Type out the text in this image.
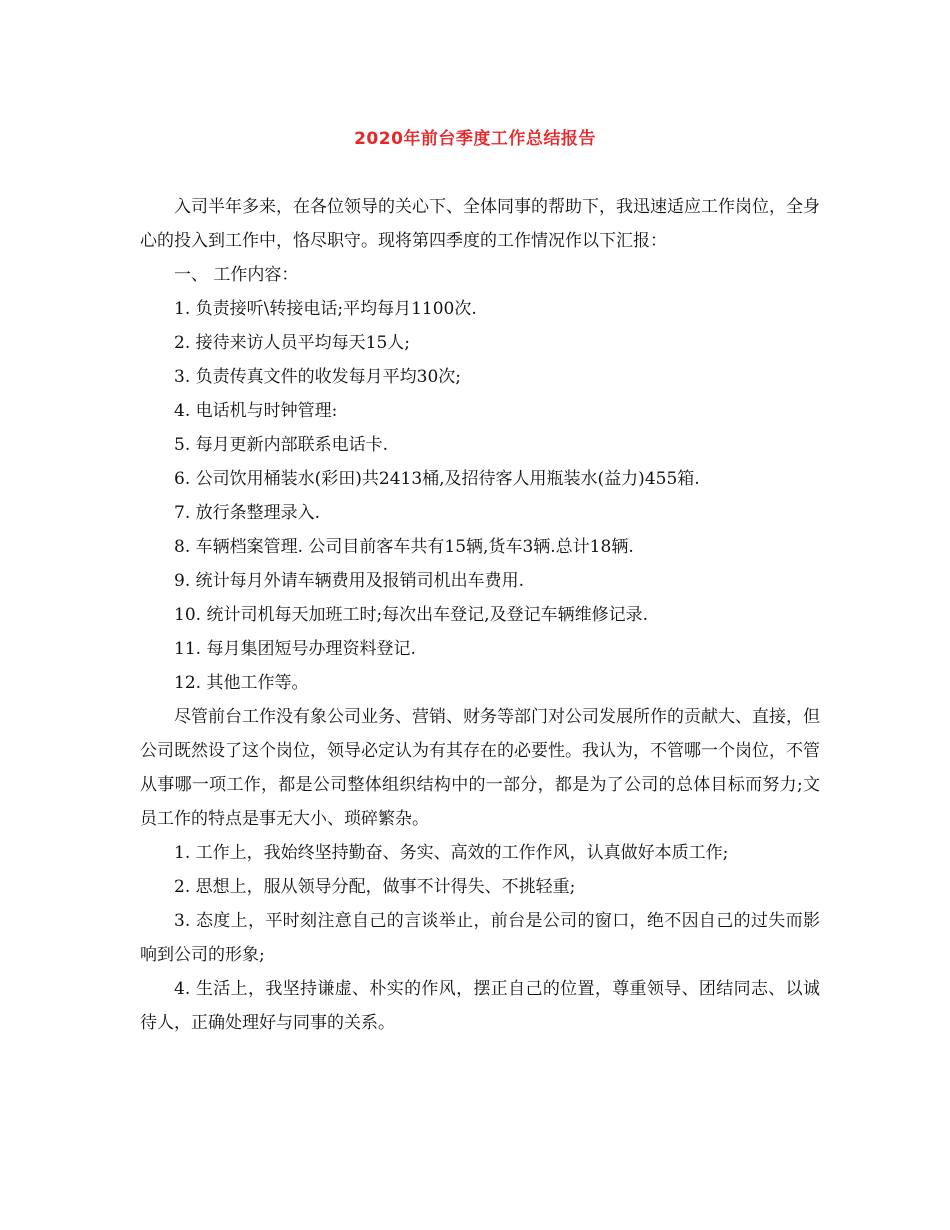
2020年前台季度工作总结报告

入司半年多来，在各位领导的关心下、全体同事的帮助下，我迅速适应工作岗位，全身心的投入到工作中，恪尽职守。现将第四季度的工作情况作以下汇报：

一、 工作内容：

1. 负责接听\转接电话;平均每月1100次.

2. 接待来访人员平均每天15人;

3. 负责传真文件的收发每月平均30次;

4. 电话机与时钟管理:

5. 每月更新内部联系电话卡.

6. 公司饮用桶装水(彩田)共2413桶,及招待客人用瓶装水(益力)455箱.

7. 放行条整理录入.

8. 车辆档案管理. 公司目前客车共有15辆,货车3辆.总计18辆.

9. 统计每月外请车辆费用及报销司机出车费用.

10. 统计司机每天加班工时;每次出车登记,及登记车辆维修记录.

11. 每月集团短号办理资料登记.

12. 其他工作等。

尽管前台工作没有象公司业务、营销、财务等部门对公司发展所作的贡献大、直接，但公司既然设了这个岗位，领导必定认为有其存在的必要性。我认为，不管哪一个岗位，不管从事哪一项工作，都是公司整体组织结构中的一部分，都是为了公司的总体目标而努力;文员工作的特点是事无大小、琐碎繁杂。

1. 工作上，我始终坚持勤奋、务实、高效的工作作风，认真做好本质工作;

2. 思想上，服从领导分配，做事不计得失、不挑轻重;

3. 态度上，平时刻注意自己的言谈举止，前台是公司的窗口，绝不因自己的过失而影响到公司的形象;

4. 生活上，我坚持谦虚、朴实的作风，摆正自己的位置，尊重领导、团结同志、以诚待人，正确处理好与同事的关系。
